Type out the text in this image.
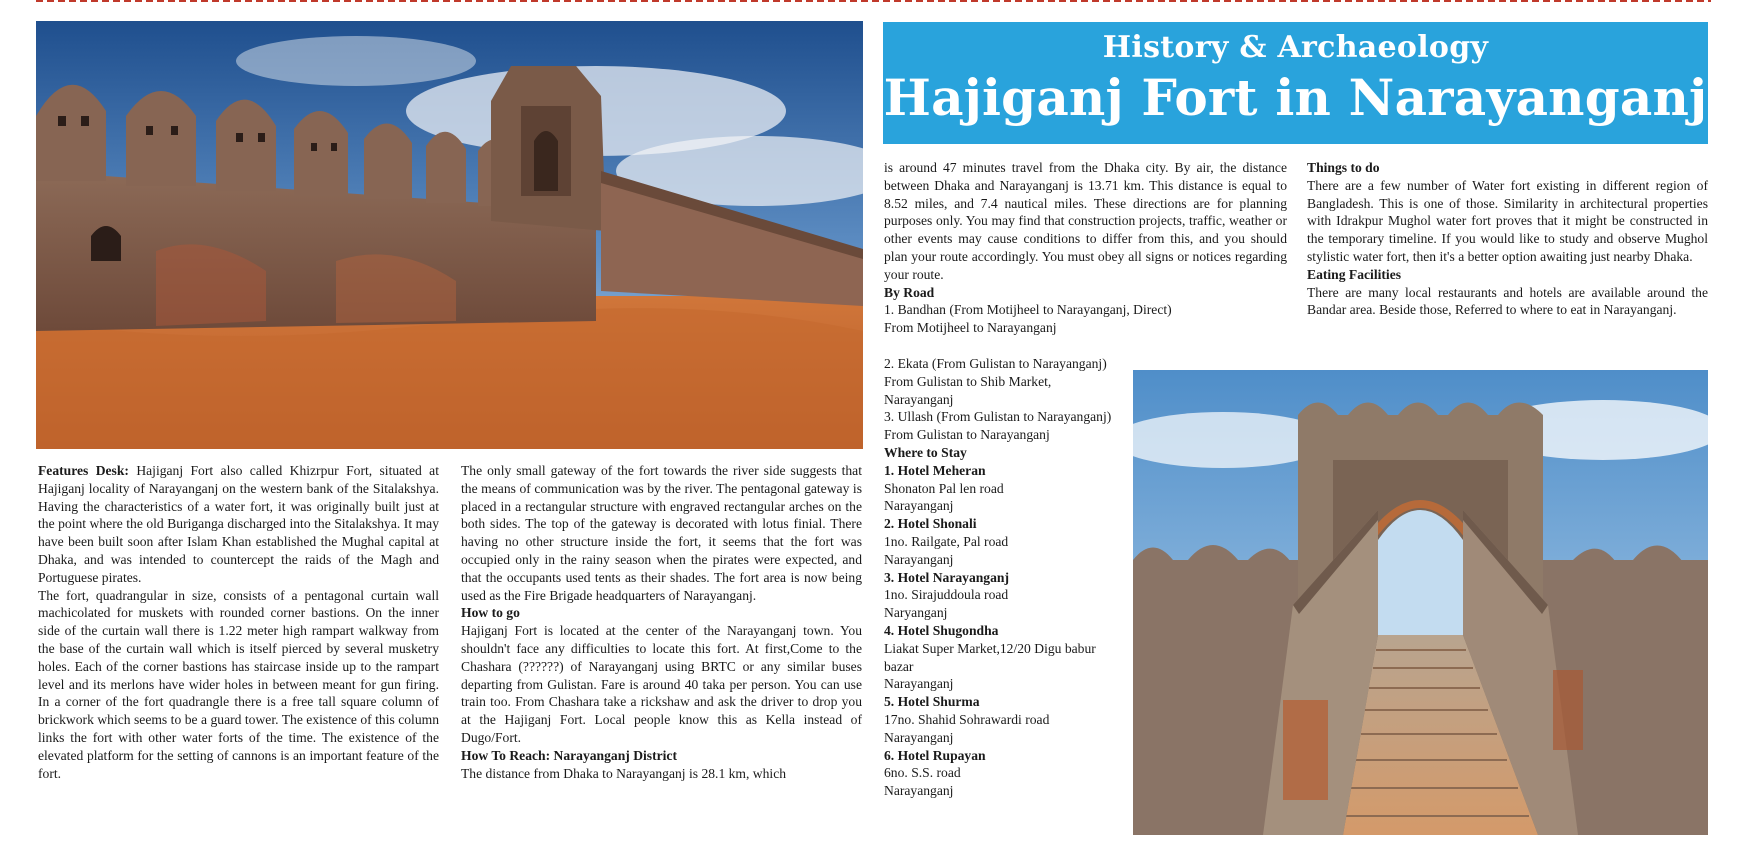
History & Archaeology
Hajiganj Fort in Narayanganj

Features Desk: Hajiganj Fort also called Khizrpur Fort, situated at Hajiganj locality of Narayanganj on the western bank of the Sitalakshya. Having the characteristics of a water fort, it was originally built just at the point where the old Buriganga discharged into the Sitalakshya. It may have been built soon after Islam Khan established the Mughal capital at Dhaka, and was intended to countercept the raids of the Magh and Portuguese pirates.

The fort, quadrangular in size, consists of a pentagonal curtain wall machicolated for muskets with rounded corner bastions. On the inner side of the curtain wall there is 1.22 meter high rampart walkway from the base of the curtain wall which is itself pierced by several musketry holes. Each of the corner bastions has staircase inside up to the rampart level and its merlons have wider holes in between meant for gun firing. In a corner of the fort quadrangle there is a free tall square column of brickwork which seems to be a guard tower. The existence of this column links the fort with other water forts of the time. The existence of the elevated platform for the setting of cannons is an important feature of the fort.

The only small gateway of the fort towards the river side suggests that the means of communication was by the river. The pentagonal gateway is placed in a rectangular structure with engraved rectangular arches on the both sides. The top of the gateway is decorated with lotus finial. There having no other structure inside the fort, it seems that the fort was occupied only in the rainy season when the pirates were expected, and that the occupants used tents as their shades. The fort area is now being used as the Fire Brigade headquarters of Narayanganj.

How to go

Hajiganj Fort is located at the center of the Narayanganj town. You shouldn't face any difficulties to locate this fort. At first,Come to the Chashara (??????) of Narayanganj using BRTC or any similar buses departing from Gulistan. Fare is around 40 taka per person. You can use train too. From Chashara take a rickshaw and ask the driver to drop you at the Hajiganj Fort. Local people know this as Kella instead of Dugo/Fort.

How To Reach: Narayanganj District

The distance from Dhaka to Narayanganj is 28.1 km, which

is around 47 minutes travel from the Dhaka city. By air, the distance between Dhaka and Narayanganj is 13.71 km. This distance is equal to 8.52 miles, and 7.4 nautical miles. These directions are for planning purposes only. You may find that construction projects, traffic, weather or other events may cause conditions to differ from this, and you should plan your route accordingly. You must obey all signs or notices regarding your route.

By Road

1. Bandhan (From Motijheel to Narayanganj, Direct)
From Motijheel to Narayanganj

2. Ekata (From Gulistan to Narayanganj)

From Gulistan to Shib Market, Narayanganj

3. Ullash (From Gulistan to Narayanganj)

From Gulistan to Narayanganj

Where to Stay

1. Hotel Meheran
Shonaton Pal len road
Narayanganj
2. Hotel Shonali
1no. Railgate, Pal road
Narayanganj
3. Hotel Narayanganj
1no. Sirajuddoula road
Naryanganj
4. Hotel Shugondha
Liakat Super Market,12/20 Digu babur bazar
Narayanganj
5. Hotel Shurma
17no. Shahid Sohrawardi road
Narayanganj
6. Hotel Rupayan
6no. S.S. road
Narayanganj

Things to do

There are a few number of Water fort existing in different region of Bangladesh. This is one of those. Similarity in architectural properties with Idrakpur Mughol water fort proves that it might be constructed in the temporary timeline. If you would like to study and observe Mughol stylistic water fort, then it's a better option awaiting just nearby Dhaka.

Eating Facilities

There are many local restaurants and hotels are available around the Bandar area. Beside those, Referred to where to eat in Narayanganj.
